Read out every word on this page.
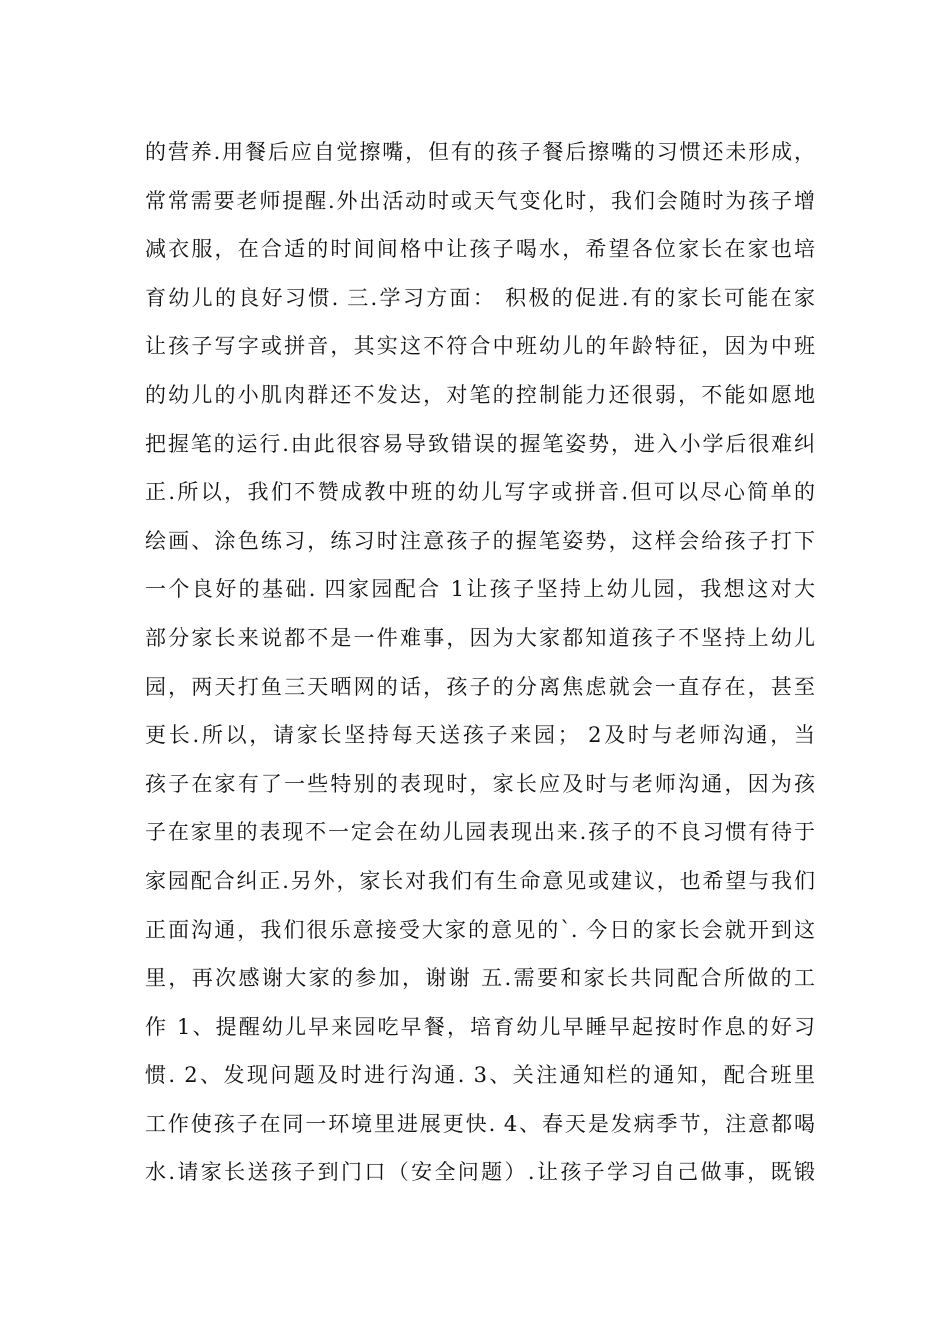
的营养.用餐后应自觉擦嘴，但有的孩子餐后擦嘴的习惯还未形成，
常常需要老师提醒.外出活动时或天气变化时，我们会随时为孩子增
减衣服，在合适的时间间格中让孩子喝水，希望各位家长在家也培
育幼儿的良好习惯. 三.学习方面： 积极的促进.有的家长可能在家
让孩子写字或拼音，其实这不符合中班幼儿的年龄特征，因为中班
的幼儿的小肌肉群还不发达，对笔的控制能力还很弱，不能如愿地
把握笔的运行.由此很容易导致错误的握笔姿势，进入小学后很难纠
正.所以，我们不赞成教中班的幼儿写字或拼音.但可以尽心简单的
绘画、涂色练习，练习时注意孩子的握笔姿势，这样会给孩子打下
一个良好的基础. 四家园配合 1让孩子坚持上幼儿园，我想这对大
部分家长来说都不是一件难事，因为大家都知道孩子不坚持上幼儿
园，两天打鱼三天晒网的话，孩子的分离焦虑就会一直存在，甚至
更长.所以，请家长坚持每天送孩子来园； 2及时与老师沟通，当
孩子在家有了一些特别的表现时，家长应及时与老师沟通，因为孩
子在家里的表现不一定会在幼儿园表现出来.孩子的不良习惯有待于
家园配合纠正.另外，家长对我们有生命意见或建议，也希望与我们
正面沟通，我们很乐意接受大家的意见的`. 今日的家长会就开到这
里，再次感谢大家的参加，谢谢 五.需要和家长共同配合所做的工
作 1、提醒幼儿早来园吃早餐，培育幼儿早睡早起按时作息的好习
惯. 2、发现问题及时进行沟通. 3、关注通知栏的通知，配合班里
工作使孩子在同一环境里进展更快. 4、春天是发病季节，注意都喝
水.请家长送孩子到门口（安全问题）.让孩子学习自己做事，既锻
